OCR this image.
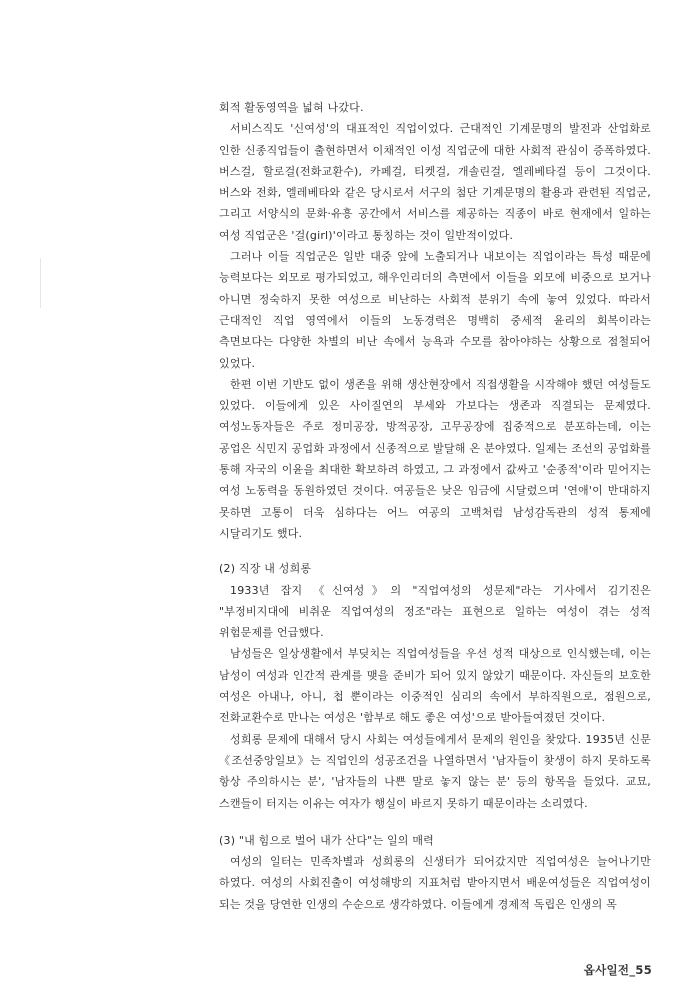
회적 활동영역을 넓혀 나갔다.

서비스직도 '신여성'의 대표적인 직업이었다. 근대적인 기계문명의 발전과 산업화로 인한 신종직업들이 출현하면서 이채적인 이성 직업군에 대한 사회적 관심이 증폭하였다. 버스걸, 할로걸(전화교환수), 카페걸, 티켓걸, 개솔린걸, 엘레베타걸 등이 그것이다. 버스와 전화, 엘레베타와 같은 당시로서 서구의 첨단 기계문명의 활용과 관련된 직업군, 그리고 서양식의 문화·유흥 공간에서 서비스를 제공하는 직종이 바로 현재에서 일하는 여성 직업군은 '걸(girl)'이라고 통칭하는 것이 일반적이었다.

그러나 이들 직업군은 일반 대중 앞에 노출되거나 내보이는 직업이라는 특성 때문에 능력보다는 외모로 평가되었고, 해우인리더의 측면에서 이들을 외모에 비중으로 보거나 아니면 정숙하지 못한 여성으로 비난하는 사회적 분위기 속에 놓여 있었다. 따라서 근대적인 직업 영역에서 이들의 노동경력은 명백히 중세적 윤리의 회복이라는 측면보다는 다양한 차별의 비난 속에서 능욕과 수모를 참아야하는 상황으로 점철되어 있었다.

한편 이번 기반도 없이 생존을 위해 생산현장에서 직접생활을 시작해야 했던 여성들도 있었다. 이들에게 있은 사이질연의 부세와 가보다는 생존과 직결되는 문제였다. 여성노동자들은 주로 정미공장, 방적공장, 고무공장에 집중적으로 분포하는데, 이는 공업은 식민지 공업화 과정에서 신종적으로 발달해 온 분야였다. 일제는 조선의 공업화를 통해 자국의 이윤을 최대한 확보하려 하였고, 그 과정에서 값싸고 '순종적'이라 믿어지는 여성 노동력을 동원하였던 것이다. 여공들은 낮은 임금에 시달렸으며 '연애'이 반대하지 못하면 고통이 더욱 심하다는 어느 여공의 고백처럼 남성감독관의 성적 통제에 시달리기도 했다.

(2) 직장 내 성희롱

1933년 잡지 《신여성》의 "직업여성의 성문제"라는 기사에서 김기진은 "부정비지대에 비취운 직업여성의 정조"라는 표현으로 일하는 여성이 겪는 성적 위험문제를 언급했다.

남성들은 일상생활에서 부딪치는 직업여성들을 우선 성적 대상으로 인식했는데, 이는 남성이 여성과 인간적 관계를 맺을 준비가 되어 있지 않았기 때문이다. 자신들의 보호한 여성은 아내나, 아니, 첩 뿐이라는 이중적인 심리의 속에서 부하직원으로, 점원으로, 전화교환수로 만나는 여성은 '함부로 해도 좋은 여성'으로 받아들여졌던 것이다.

성희롱 문제에 대해서 당시 사회는 여성들에게서 문제의 원인을 찾았다. 1935년 신문 《조선중앙일보》는 직업인의 성공조건을 나열하면서 '남자들이 찾생이 하지 못하도록 항상 주의하시는 분', '남자들의 나쁜 말로 놓지 않는 분' 등의 항목을 들었다. 교묘, 스캔들이 터지는 이유는 여자가 행실이 바르지 못하기 때문이라는 소리였다.

(3) "내 힘으로 벌어 내가 산다"는 일의 매력

여성의 일터는 민족차별과 성희롱의 신생터가 되어갔지만 직업여성은 늘어나기만 하였다. 여성의 사회진출이 여성해방의 지표처럼 받아지면서 배운여성들은 직업여성이 되는 것을 당연한 인생의 수순으로 생각하였다. 이들에게 경제적 독립은 인생의 목

옵사일전_55
